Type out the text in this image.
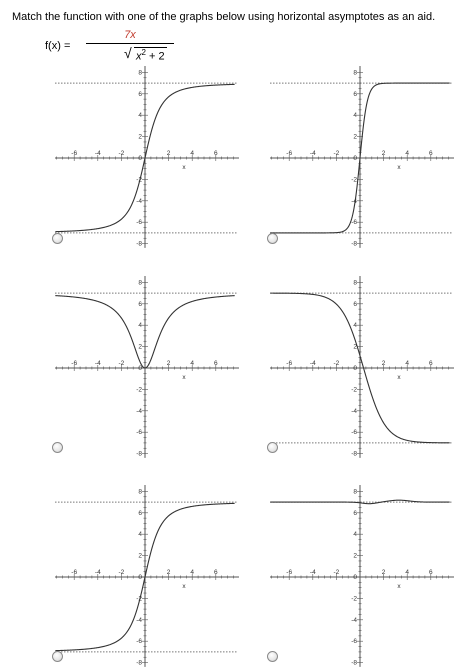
Match the function with one of the graphs below using horizontal asymptotes as an aid.
f(x) =
7x
√ $x^2 + 2$
-6	-4	-2	2	4	6
8
6
4
2
0
-2
-4
-6
-8
x
-6	-4	-2	2	4	6
8
6
4
2
0
-2
-4
-6
-8
x
-6	-4	-2	2	4	6
8
6
4
2
0
-2
-4
-6
-8
x
-6	-4	-2	2	4	6
8
6
4
2
0
-2
-4
-6
-8
x
-6	-4	-2	2	4	6
8
6
4
2
0
-2
-4
-6
-8
x
-6	-4	-2	2	4	6
8
6
4
2
0
-2
-4
-6
-8
x
